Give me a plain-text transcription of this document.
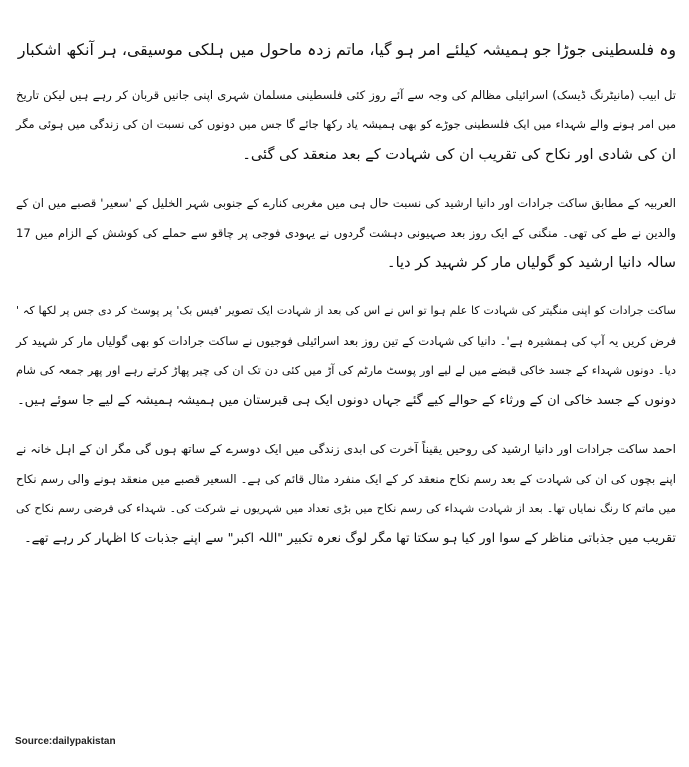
وہ فلسطینی جوڑا جو ہمیشہ کیلئے امر ہو گیا، ماتم زدہ ماحول میں ہلکی موسیقی، ہر آنکھ اشکبار
تل ابیب (مانیٹرنگ ڈیسک) اسرائیلی مظالم کی وجہ سے آئے روز کئی فلسطینی مسلمان شہری اپنی جانیں قربان کر رہے ہیں لیکن تاریخ
میں امر ہونے والے شہداء میں ایک فلسطینی جوڑے کو بھی ہمیشہ یاد رکھا جائے گا جس میں دونوں کی نسبت ان کی زندگی میں ہوئی مگر
ان کی شادی اور نکاح کی تقریب ان کی شہادت کے بعد منعقد کی گئی۔
العربیہ کے مطابق ساکت جرادات اور دانیا ارشید کی نسبت حال ہی میں مغربی کنارے کے جنوبی شہر الخلیل کے 'سعیر' قصبے میں ان کے
والدین نے طے کی تھی۔ منگنی کے ایک روز بعد صہیونی دہشت گردوں نے یہودی فوجی پر چاقو سے حملے کی کوشش کے الزام میں 17
سالہ دانیا ارشید کو گولیاں مار کر شہید کر دیا۔
ساکت جرادات کو اپنی منگیتر کی شہادت کا علم ہوا تو اس نے اس کی بعد از شہادت ایک تصویر 'فیس بک' پر پوسٹ کر دی جس پر لکھا کہ '
فرض کریں یہ آپ کی ہمشیرہ ہے'۔ دانیا کی شہادت کے تین روز بعد اسرائیلی فوجیوں نے ساکت جرادات کو بھی گولیاں مار کر شہید کر
دیا۔ دونوں شہداء کے جسد خاکی قبضے میں لے لیے اور پوسٹ مارٹم کی آڑ میں کئی دن تک ان کی چیر پھاڑ کرتے رہے اور پھر جمعہ کی شام
دونوں کے جسد خاکی ان کے ورثاء کے حوالے کیے گئے جہاں دونوں ایک ہی قبرستان میں ہمیشہ ہمیشہ کے لیے جا سوئے ہیں۔
احمد ساکت جرادات اور دانیا ارشید کی روحیں یقیناً آخرت کی ابدی زندگی میں ایک دوسرے کے ساتھ ہوں گی مگر ان کے اہل خانہ نے
اپنے بچوں کی ان کی شہادت کے بعد رسم نکاح منعقد کر کے ایک منفرد مثال قائم کی ہے۔ السعیر قصبے میں منعقد ہونے والی رسم نکاح
میں ماتم کا رنگ نمایاں تھا۔ بعد از شہادت شہداء کی رسم نکاح میں بڑی تعداد میں شہریوں نے شرکت کی۔ شہداء کی فرضی رسم نکاح کی
تقریب میں جذباتی مناظر کے سوا اور کیا ہو سکتا تھا مگر لوگ نعرہ تکبیر "اللہ اکبر" سے اپنے جذبات کا اظہار کر رہے تھے۔
Source:dailypakistan
